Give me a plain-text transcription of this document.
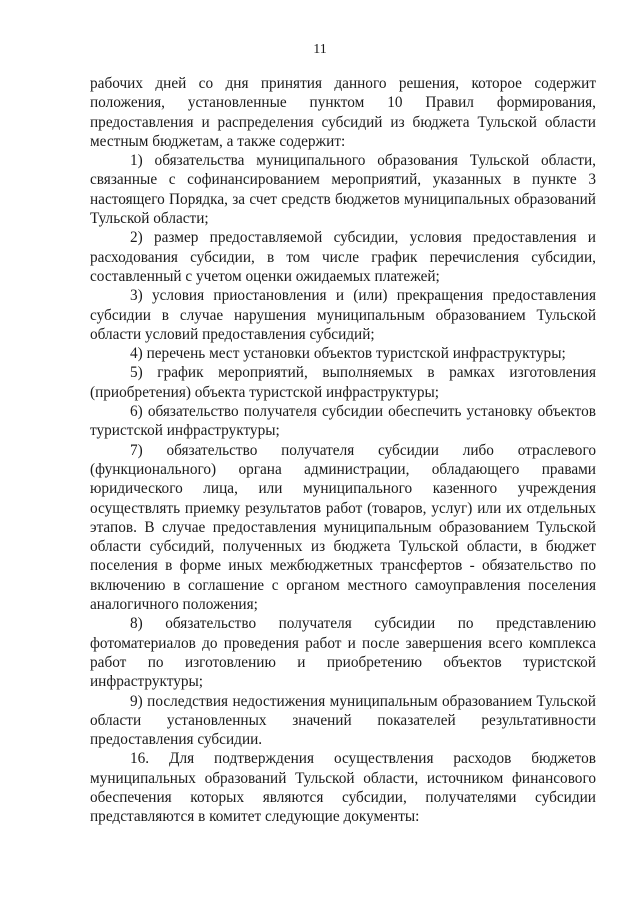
11

рабочих дней со дня принятия данного решения, которое содержит положения, установленные пунктом 10 Правил формирования, предоставления и распределения субсидий из бюджета Тульской области местным бюджетам, а также содержит:

1) обязательства муниципального образования Тульской области, связанные с софинансированием мероприятий, указанных в пункте 3 настоящего Порядка, за счет средств бюджетов муниципальных образований Тульской области;

2) размер предоставляемой субсидии, условия предоставления и расходования субсидии, в том числе график перечисления субсидии, составленный с учетом оценки ожидаемых платежей;

3) условия приостановления и (или) прекращения предоставления субсидии в случае нарушения муниципальным образованием Тульской области условий предоставления субсидий;

4) перечень мест установки объектов туристской инфраструктуры;

5) график мероприятий, выполняемых в рамках изготовления (приобретения) объекта туристской инфраструктуры;

6) обязательство получателя субсидии обеспечить установку объектов туристской инфраструктуры;

7) обязательство получателя субсидии либо отраслевого (функционального) органа администрации, обладающего правами юридического лица, или муниципального казенного учреждения осуществлять приемку результатов работ (товаров, услуг) или их отдельных этапов. В случае предоставления муниципальным образованием Тульской области субсидий, полученных из бюджета Тульской области, в бюджет поселения в форме иных межбюджетных трансфертов - обязательство по включению в соглашение с органом местного самоуправления поселения аналогичного положения;

8) обязательство получателя субсидии по представлению фотоматериалов до проведения работ и после завершения всего комплекса работ по изготовлению и приобретению объектов туристской инфраструктуры;

9) последствия недостижения муниципальным образованием Тульской области установленных значений показателей результативности предоставления субсидии.

16. Для подтверждения осуществления расходов бюджетов муниципальных образований Тульской области, источником финансового обеспечения которых являются субсидии, получателями субсидии представляются в комитет следующие документы:
